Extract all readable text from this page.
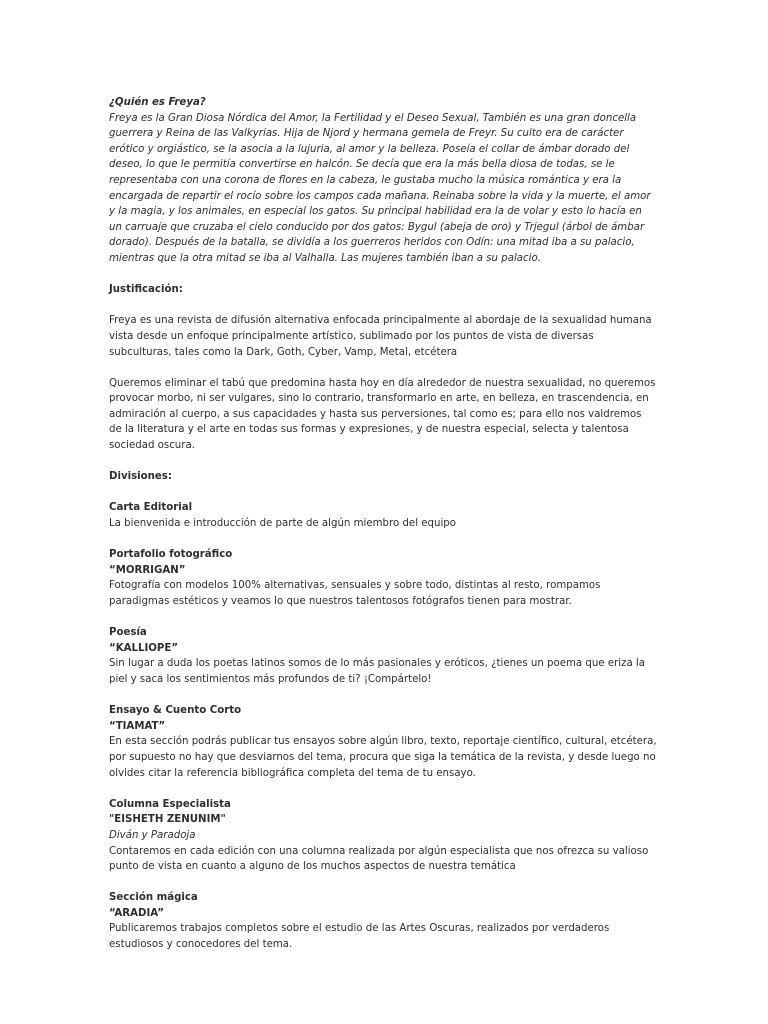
¿Quién es Freya?

Freya es la Gran Diosa Nórdica del Amor, la Fertilidad y el Deseo Sexual, También es una gran doncella guerrera y Reina de las Valkyrias. Hija de Njord y hermana gemela de Freyr. Su culto era de carácter erótico y orgiástico, se la asocia a la lujuria, al amor y la belleza. Poseía el collar de ámbar dorado del deseo, lo que le permitía convertirse en halcón. Se decía que era la más bella diosa de todas, se le representaba con una corona de flores en la cabeza, le gustaba mucho la música romántica y era la encargada de repartir el rocío sobre los campos cada mañana. Reinaba sobre la vida y la muerte, el amor y la magia, y los animales, en especial los gatos. Su principal habilidad era la de volar y esto lo hacía en un carruaje que cruzaba el cielo conducido por dos gatos: Bygul (abeja de oro) y Trjegul (árbol de ámbar dorado). Después de la batalla, se dividía a los guerreros heridos con Odín: una mitad iba a su palacio, mientras que la otra mitad se iba al Valhalla. Las mujeres también iban a su palacio.

Justificación:

Freya es una revista de difusión alternativa enfocada principalmente al abordaje de la sexualidad humana vista desde un enfoque principalmente artístico, sublimado por los puntos de vista de diversas subculturas, tales como la Dark, Goth, Cyber, Vamp, Metal, etcétera

Queremos eliminar el tabú que predomina hasta hoy en día alrededor de nuestra sexualidad, no queremos provocar morbo, ni ser vulgares, sino lo contrario, transformarlo en arte, en belleza, en trascendencia, en admiración al cuerpo, a sus capacidades y hasta sus perversiones, tal como es; para ello nos valdremos de la literatura y el arte en todas sus formas y expresiones, y de nuestra especial, selecta y talentosa sociedad oscura.

Divisiones:

Carta Editorial

La bienvenida e introducción de parte de algún miembro del equipo

Portafolio fotográfico

“MORRIGAN”

Fotografía con modelos 100% alternativas, sensuales y sobre todo, distintas al resto, rompamos paradigmas estéticos y veamos lo que nuestros talentosos fotógrafos tienen para mostrar.

Poesía

“KALLIOPE”

Sin lugar a duda los poetas latinos somos de lo más pasionales y eróticos, ¿tienes un poema que eriza la piel y saca los sentimientos más profundos de ti? ¡Compártelo!

Ensayo & Cuento Corto

“TIAMAT”

En esta sección podrás publicar tus ensayos sobre algún libro, texto, reportaje científico, cultural, etcétera, por supuesto no hay que desviarnos del tema, procura que siga la temática de la revista, y desde luego no olvides citar la referencia bibliográfica completa del tema de tu ensayo.

Columna Especialista

"EISHETH ZENUNIM"

Diván y Paradoja

Contaremos en cada edición con una columna realizada por algún especialista que nos ofrezca su valioso punto de vista en cuanto a alguno de los muchos aspectos de nuestra temática

Sección mágica

“ARADIA”

Publicaremos trabajos completos sobre el estudio de las Artes Oscuras, realizados por verdaderos estudiosos y conocedores del tema.
